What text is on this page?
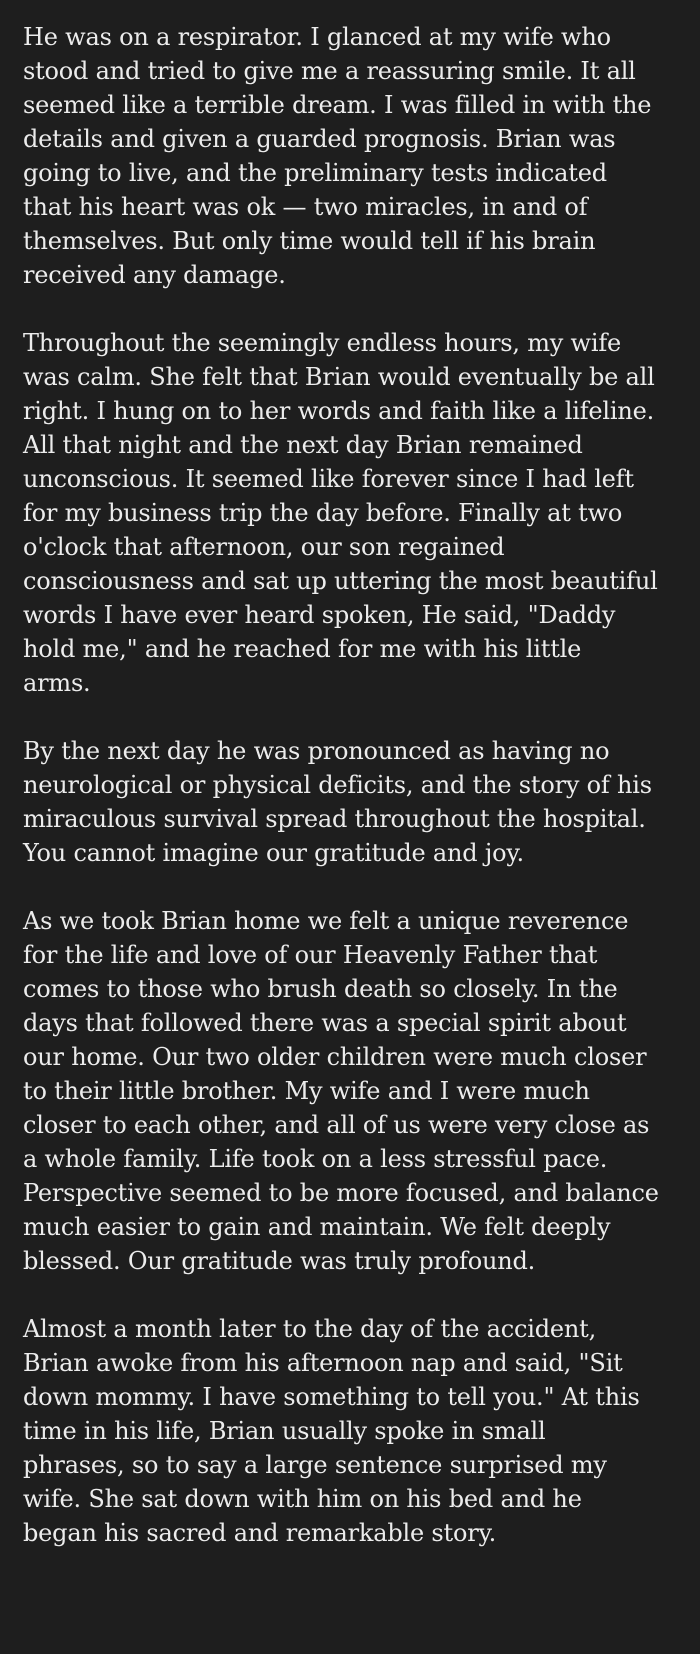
He was on a respirator. I glanced at my wife who
stood and tried to give me a reassuring smile. It all
seemed like a terrible dream. I was filled in with the
details and given a guarded prognosis. Brian was
going to live, and the preliminary tests indicated
that his heart was ok — two miracles, in and of
themselves. But only time would tell if his brain
received any damage.

Throughout the seemingly endless hours, my wife
was calm. She felt that Brian would eventually be all
right. I hung on to her words and faith like a lifeline.
All that night and the next day Brian remained
unconscious. It seemed like forever since I had left
for my business trip the day before. Finally at two
o'clock that afternoon, our son regained
consciousness and sat up uttering the most beautiful
words I have ever heard spoken, He said, "Daddy
hold me," and he reached for me with his little
arms.

By the next day he was pronounced as having no
neurological or physical deficits, and the story of his
miraculous survival spread throughout the hospital.
You cannot imagine our gratitude and joy.

As we took Brian home we felt a unique reverence
for the life and love of our Heavenly Father that
comes to those who brush death so closely. In the
days that followed there was a special spirit about
our home. Our two older children were much closer
to their little brother. My wife and I were much
closer to each other, and all of us were very close as
a whole family. Life took on a less stressful pace.
Perspective seemed to be more focused, and balance
much easier to gain and maintain. We felt deeply
blessed. Our gratitude was truly profound.

Almost a month later to the day of the accident,
Brian awoke from his afternoon nap and said, "Sit
down mommy. I have something to tell you." At this
time in his life, Brian usually spoke in small
phrases, so to say a large sentence surprised my
wife. She sat down with him on his bed and he
began his sacred and remarkable story.
